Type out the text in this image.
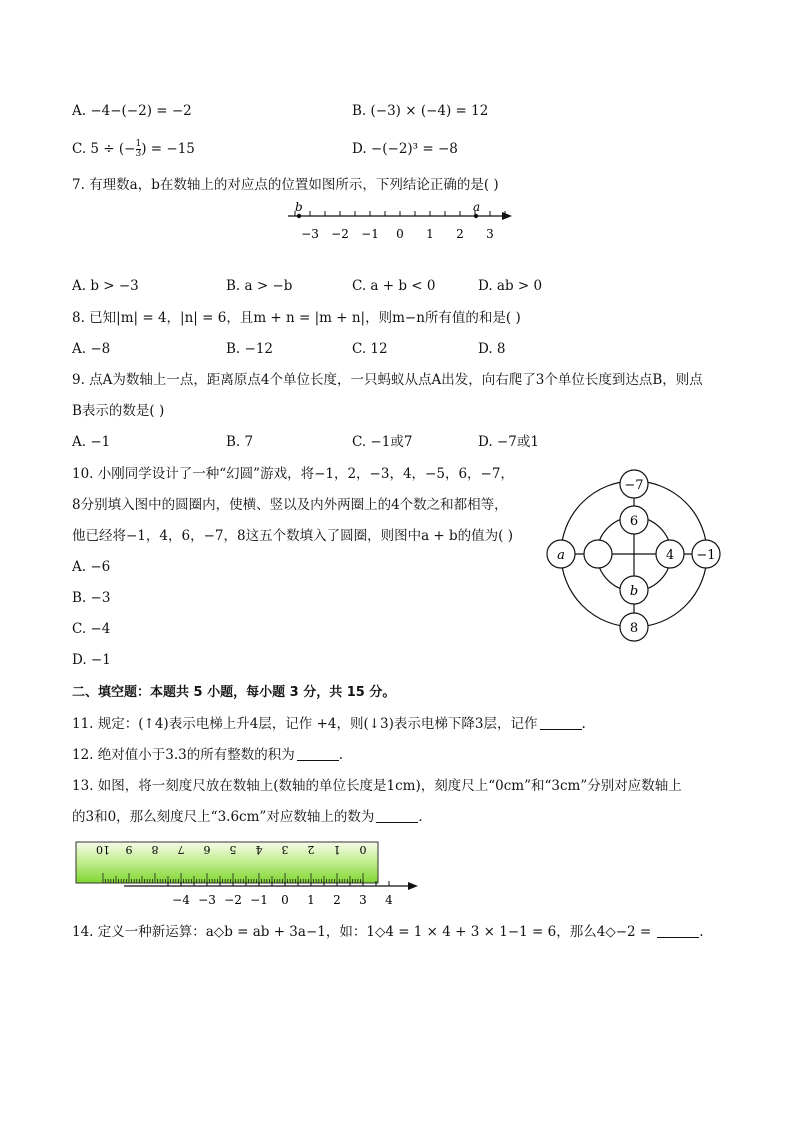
A. −4−(−2) = −2	B. (−3) × (−4) = 12
C. 5 ÷ (− $\frac{1}{3}$ ) = −15	D. −(−2)³ = −8
7. 有理数a，b在数轴上的对应点的位置如图所示，下列结论正确的是( )
−3 −2 −1 0 1 2 3
b	a
A. b > −3	B. a > −b	C. a + b < 0	D. ab > 0
8. 已知|m| = 4，|n| = 6，且m + n = |m + n|，则m−n所有值的和是( )
A. −8	B. −12	C. 12	D. 8
9. 点A为数轴上一点，距离原点4个单位长度，一只蚂蚁从点A出发，向右爬了3个单位长度到达点B，则点
B表示的数是( )
A. −1	B. 7	C. −1或7	D. −7或1
10. 小刚同学设计了一种“幻圆”游戏，将−1，2，−3，4，−5，6，−7，
8分别填入图中的圆圈内，使横、竖以及内外两圈上的4个数之和都相等，
他已经将−1，4，6，−7，8这五个数填入了圆圈，则图中a + b的值为( )
A. −6
B. −3
C. −4
D. −1
−7
6
a	4 −1
b
8
二、填空题：本题共 5 小题，每小题 3 分，共 15 分。
11. 规定：(↑4)表示电梯上升4层，记作 +4，则(↓3)表示电梯下降3层，记作	.
12. 绝对值小于3.3的所有整数的积为	.
13. 如图，将一刻度尺放在数轴上(数轴的单位长度是1cm)，刻度尺上“0cm”和“3cm”分别对应数轴上
的3和0，那么刻度尺上“3.6cm”对应数轴上的数为	.
0
1
2
3
4
5
6
7
8
9
10
−4 −3 −2 −1 0 1 2 3 4
14. 定义一种新运算：a◇b = ab + 3a−1，如：1◇4 = 1 × 4 + 3 × 1−1 = 6，那么4◇−2 =	.
